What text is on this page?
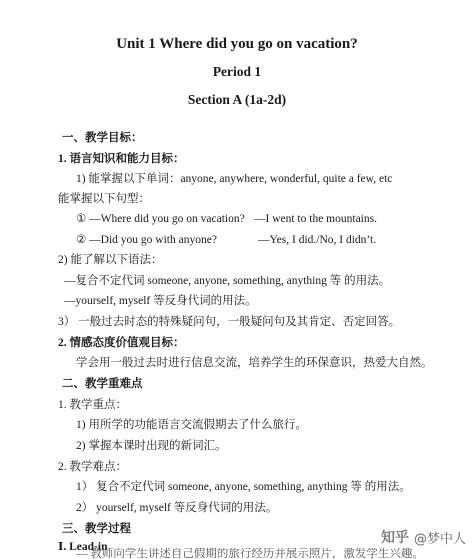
Unit 1 Where did you go on vacation?
Period 1
Section A (1a-2d)
一、教学目标：
1. 语言知识和能力目标：
1) 能掌握以下单词：anyone, anywhere, wonderful, quite a few, etc
能掌握以下句型：
① —Where did you go on vacation? —I went to the mountains.
② —Did you go with anyone?	—Yes, I did./No, I didn’t.
2) 能了解以下语法：
—复合不定代词 someone, anyone, something, anything 等 的用法。
—yourself, myself 等反身代词的用法。
3） 一般过去时态的特殊疑问句，一般疑问句及其肯定、否定回答。
2. 情感态度价值观目标：
学会用一般过去时进行信息交流，培养学生的环保意识，热爱大自然。
二、教学重难点
1. 教学重点：
1) 用所学的功能语言交流假期去了什么旅行。
2) 掌握本课时出现的新词汇。
2. 教学难点：
1） 复合不定代词 someone, anyone, something, anything 等 的用法。
2） yourself, myself 等反身代词的用法。
三、教学过程
Ⅰ. Lead-in
— 教师向学生讲述自己假期的旅行经历并展示照片，激发学生兴趣。
知乎 @梦中人
